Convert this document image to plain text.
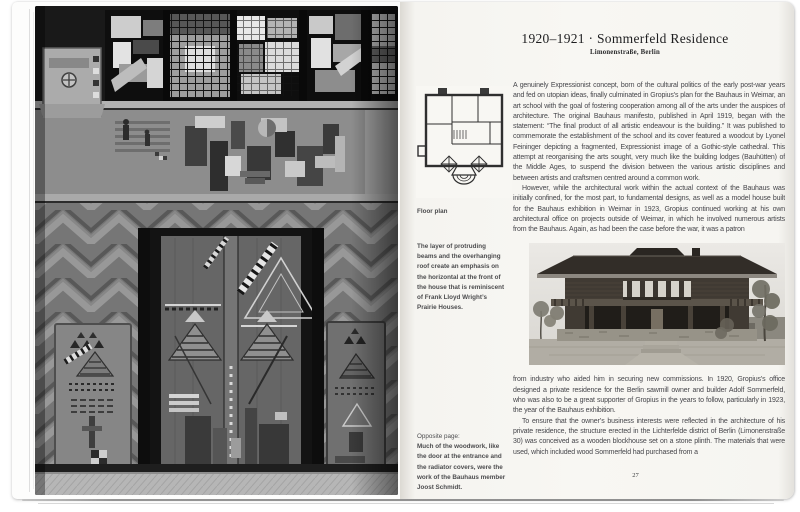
1920–1921 · Sommerfeld Residence
Limonenstraße, Berlin
Floor plan
The layer of protruding beams and the overhanging roof create an emphasis on the horizontal at the front of the house that is reminiscent of Frank Lloyd Wright’s Prairie Houses.
Opposite page:
Much of the woodwork, like the door at the entrance and the radiator covers, were the work of the Bauhaus member Joost Schmidt.

A genuinely Expressionist concept, born of the cultural politics of the early post-war years and fed on utopian ideas, finally culminated in Gropius’s plan for the Bauhaus in Weimar, an art school with the goal of fostering cooperation among all of the arts under the auspices of architecture. The original Bauhaus manifesto, published in April 1919, began with the statement: “The final product of all artistic endeavour is the building.” It was published to commemorate the establishment of the school and its cover featured a woodcut by Lyonel Feininger depicting a fragmented, Expressionist image of a Gothic-style cathedral. This attempt at reorganising the arts sought, very much like the building lodges (Bauhütten) of the Middle Ages, to suspend the division between the various artistic disciplines and between artists and craftsmen centred around a common work.

However, while the architectural work within the actual context of the Bauhaus was initially confined, for the most part, to fundamental designs, as well as a model house built for the Bauhaus exhibition in Weimar in 1923, Gropius continued working at his own architectural office on projects outside of Weimar, in which he involved numerous artists from the Bauhaus. Again, as had been the case before the war, it was a patron

from industry who aided him in securing new commissions. In 1920, Gropius’s office designed a private residence for the Berlin sawmill owner and builder Adolf Sommerfeld, who was also to be a great supporter of Gropius in the years to follow, particularly in 1923, the year of the Bauhaus exhibition.

To ensure that the owner’s business interests were reflected in the architecture of his private residence, the structure erected in the Lichterfelde district of Berlin (Limonenstraße 30) was conceived as a wooden blockhouse set on a stone plinth. The materials that were used, which included wood Sommerfeld had purchased from a

27
